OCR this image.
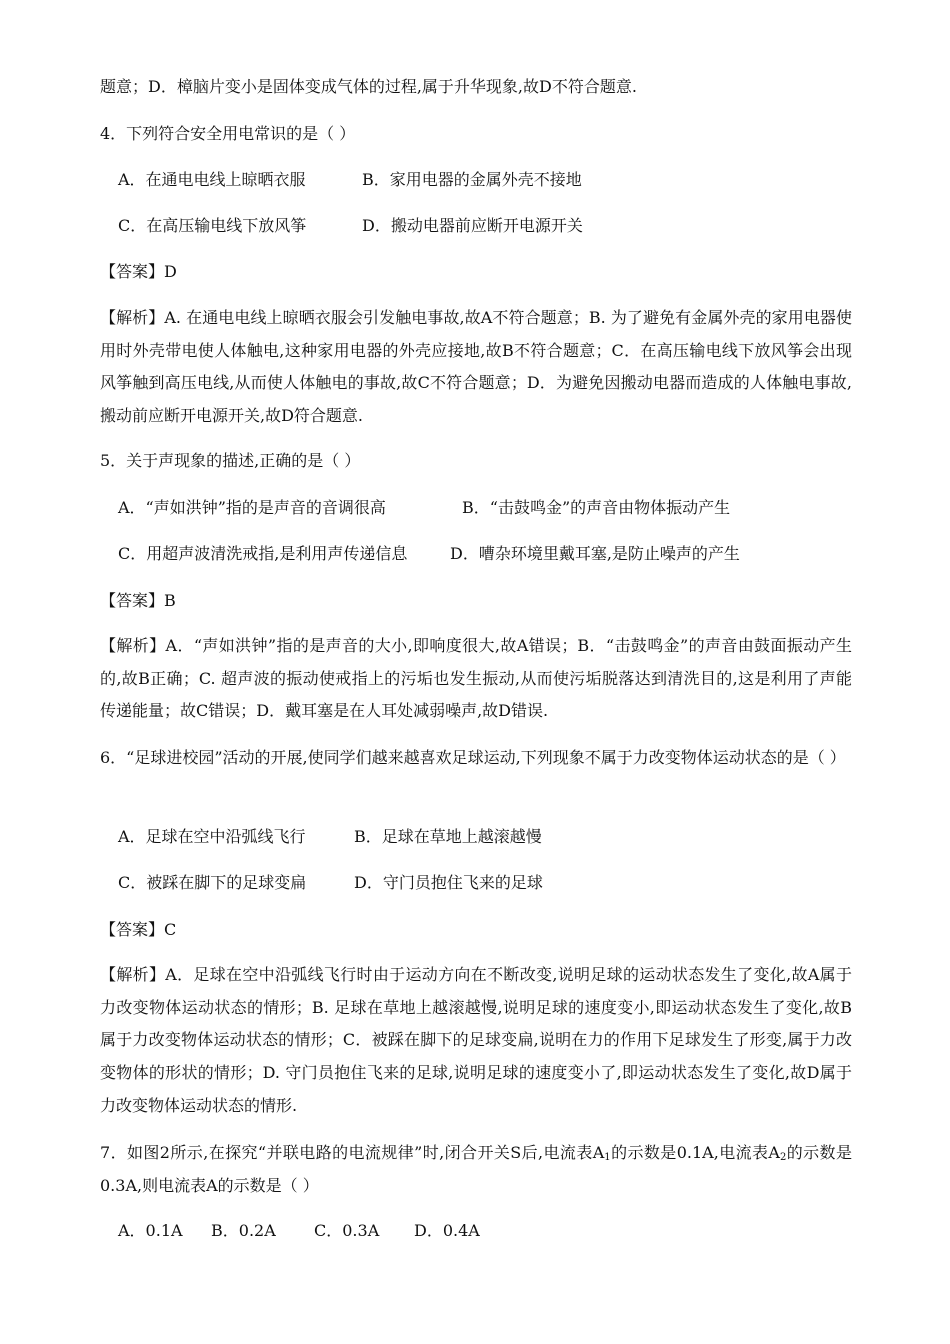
题意；D．樟脑片变小是固体变成气体的过程,属于升华现象,故D不符合题意.
4．下列符合安全用电常识的是（ ）
A．在通电电线上晾晒衣服	B．家用电器的金属外壳不接地
C．在高压输电线下放风筝	D．搬动电器前应断开电源开关
【答案】D
【解析】A. 在通电电线上晾晒衣服会引发触电事故,故A不符合题意；B. 为了避免有金属外壳的家用电器使用时外壳带电使人体触电,这种家用电器的外壳应接地,故B不符合题意；C．在高压输电线下放风筝会出现风筝触到高压电线,从而使人体触电的事故,故C不符合题意；D．为避免因搬动电器而造成的人体触电事故,搬动前应断开电源开关,故D符合题意.
5．关于声现象的描述,正确的是（ ）
A．“声如洪钟”指的是声音的音调很高	B．“击鼓鸣金”的声音由物体振动产生
C．用超声波清洗戒指,是利用声传递信息	D．嘈杂环境里戴耳塞,是防止噪声的产生
【答案】B
【解析】A．“声如洪钟”指的是声音的大小,即响度很大,故A错误；B．“击鼓鸣金”的声音由鼓面振动产生的,故B正确；C. 超声波的振动使戒指上的污垢也发生振动,从而使污垢脱落达到清洗目的,这是利用了声能传递能量；故C错误；D．戴耳塞是在人耳处减弱噪声,故D错误.
6．“足球进校园”活动的开展,使同学们越来越喜欢足球运动,下列现象不属于力改变物体运动状态的是（ ）
A．足球在空中沿弧线飞行	B．足球在草地上越滚越慢
C．被踩在脚下的足球变扁	D．守门员抱住飞来的足球
【答案】C
【解析】A．足球在空中沿弧线飞行时由于运动方向在不断改变,说明足球的运动状态发生了变化,故A属于力改变物体运动状态的情形；B. 足球在草地上越滚越慢,说明足球的速度变小,即运动状态发生了变化,故B属于力改变物体运动状态的情形；C．被踩在脚下的足球变扁,说明在力的作用下足球发生了形变,属于力改变物体的形状的情形；D. 守门员抱住飞来的足球,说明足球的速度变小了,即运动状态发生了变化,故D属于力改变物体运动状态的情形.
7．如图2所示,在探究“并联电路的电流规律”时,闭合开关S后,电流表$A_1$的示数是0.1A,电流表$A_2$的示数是0.3A,则电流表A的示数是（ ）
A．0.1A B．0.2A C．0.3A D．0.4A
